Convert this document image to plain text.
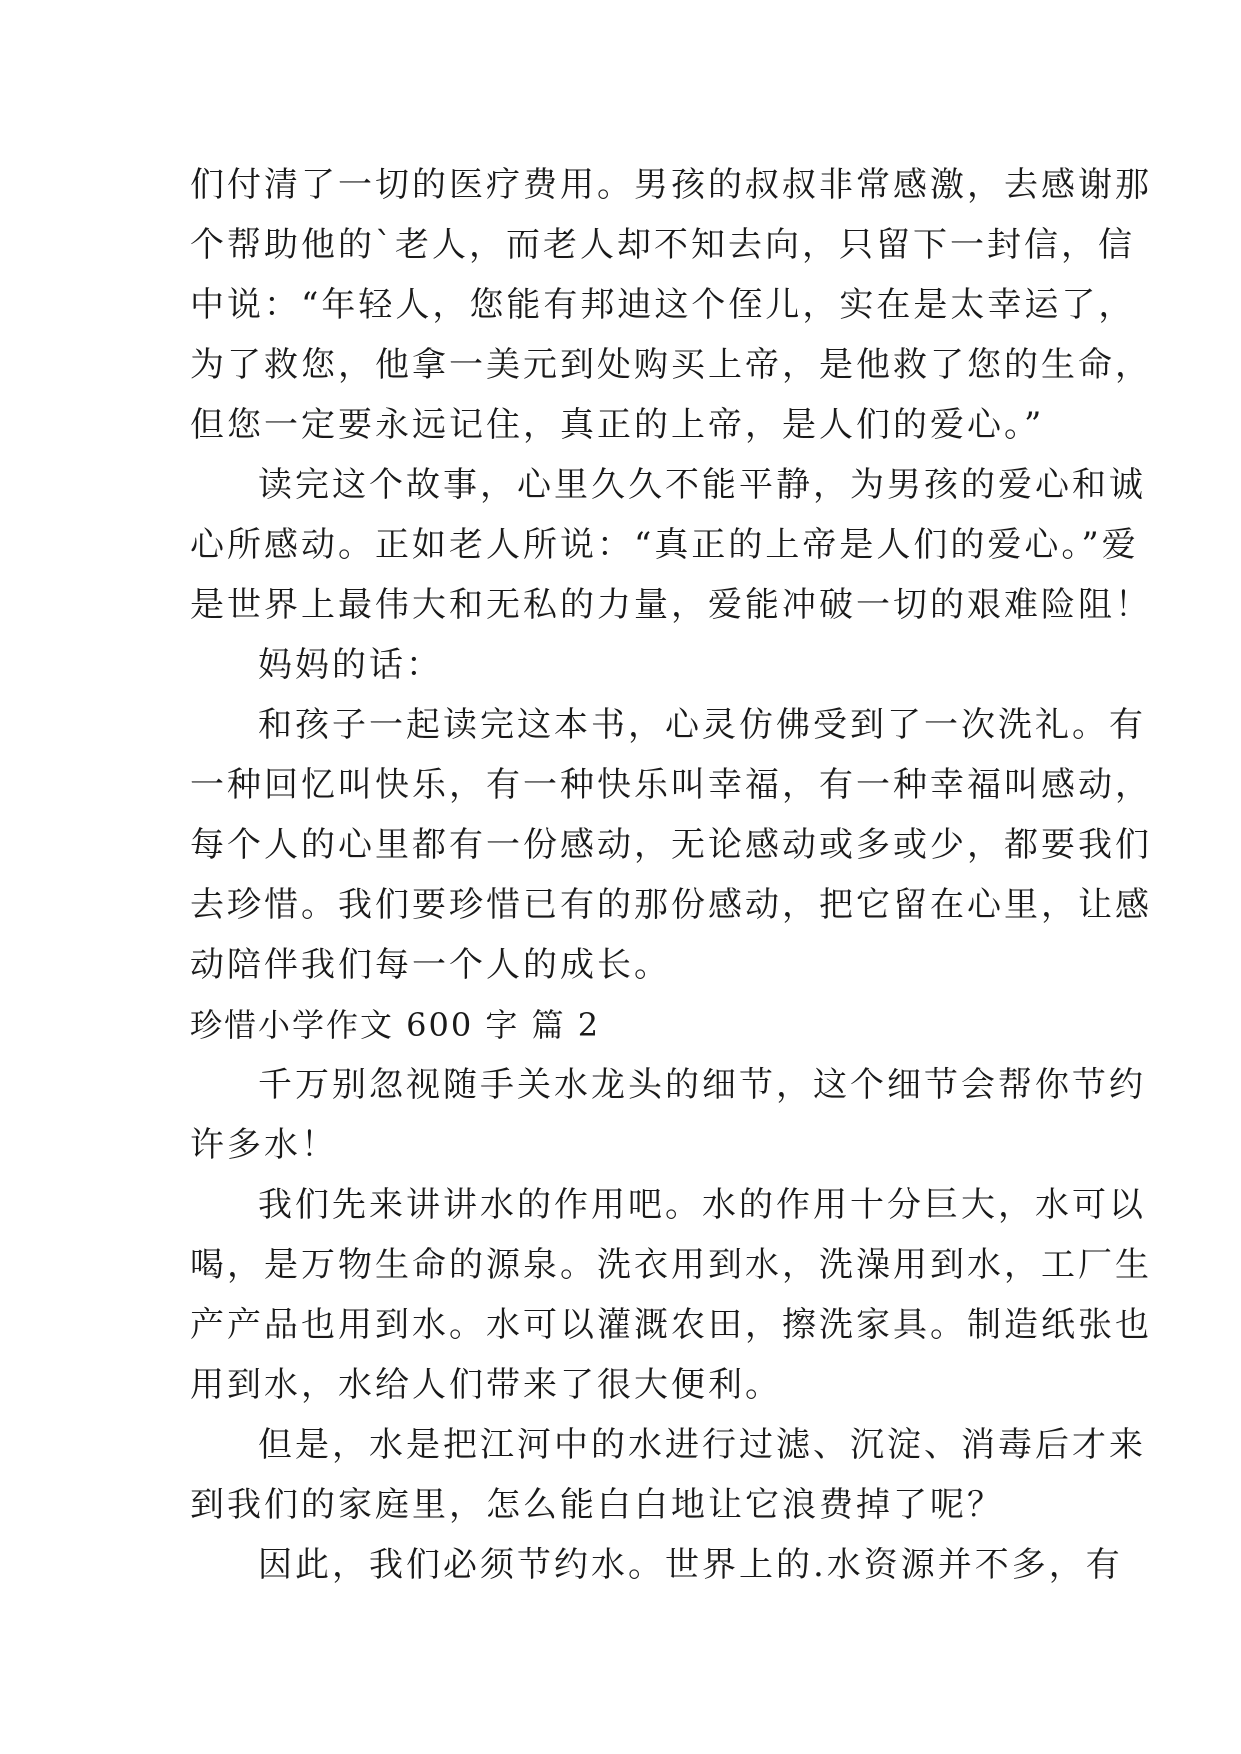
们付清了一切的医疗费用。男孩的叔叔非常感激，去感谢那
个帮助他的`老人，而老人却不知去向，只留下一封信，信
中说：“年轻人，您能有邦迪这个侄儿，实在是太幸运了，
为了救您，他拿一美元到处购买上帝，是他救了您的生命，
但您一定要永远记住，真正的上帝，是人们的爱心。”
读完这个故事，心里久久不能平静，为男孩的爱心和诚
心所感动。正如老人所说：“真正的上帝是人们的爱心。”爱
是世界上最伟大和无私的力量，爱能冲破一切的艰难险阻！
妈妈的话：
和孩子一起读完这本书，心灵仿佛受到了一次洗礼。有
一种回忆叫快乐，有一种快乐叫幸福，有一种幸福叫感动，
每个人的心里都有一份感动，无论感动或多或少，都要我们
去珍惜。我们要珍惜已有的那份感动，把它留在心里，让感
动陪伴我们每一个人的成长。
珍惜小学作文 600 字 篇 2
千万别忽视随手关水龙头的细节，这个细节会帮你节约
许多水！
我们先来讲讲水的作用吧。水的作用十分巨大，水可以
喝，是万物生命的源泉。洗衣用到水，洗澡用到水，工厂生
产产品也用到水。水可以灌溉农田，擦洗家具。制造纸张也
用到水，水给人们带来了很大便利。
但是，水是把江河中的水进行过滤、沉淀、消毒后才来
到我们的家庭里，怎么能白白地让它浪费掉了呢？
因此，我们必须节约水。世界上的.水资源并不多，有
